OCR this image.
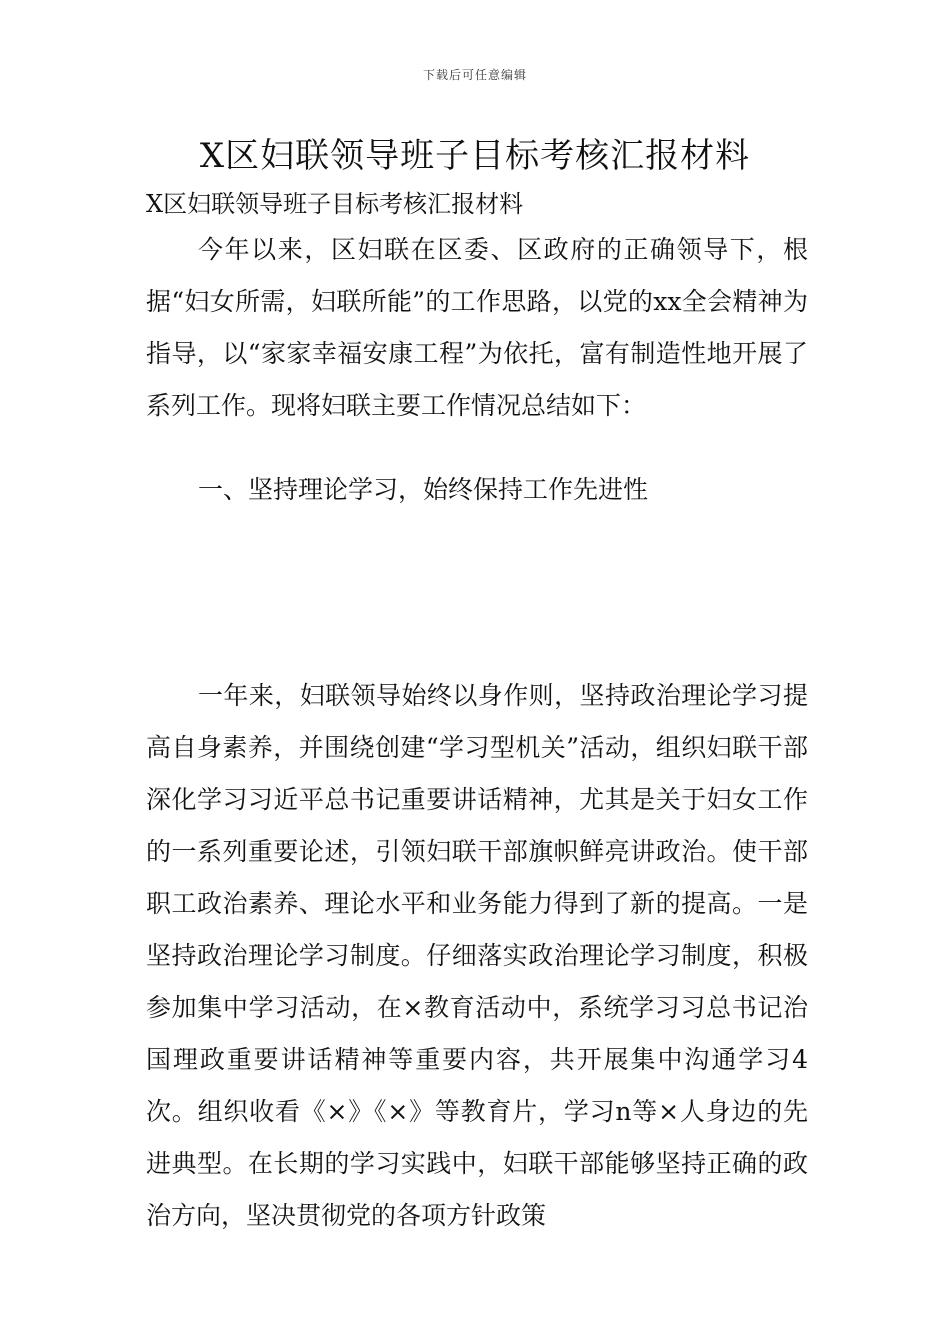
下载后可任意编辑
X区妇联领导班子目标考核汇报材料

X区妇联领导班子目标考核汇报材料

今年以来，区妇联在区委、区政府的正确领导下，根据“妇女所需，妇联所能”的工作思路，以党的xx全会精神为指导，以“家家幸福安康工程”为依托，富有制造性地开展了系列工作。现将妇联主要工作情况总结如下：

一、坚持理论学习，始终保持工作先进性

一年来，妇联领导始终以身作则，坚持政治理论学习提高自身素养，并围绕创建“学习型机关”活动，组织妇联干部深化学习习近平总书记重要讲话精神，尤其是关于妇女工作的一系列重要论述，引领妇联干部旗帜鲜亮讲政治。使干部职工政治素养、理论水平和业务能力得到了新的提高。一是坚持政治理论学习制度。仔细落实政治理论学习制度，积极参加集中学习活动，在×教育活动中，系统学习习总书记治国理政重要讲话精神等重要内容，共开展集中沟通学习4次。组织收看《×》《×》等教育片，学习n等×人身边的先进典型。在长期的学习实践中，妇联干部能够坚持正确的政治方向，坚决贯彻党的各项方针政策
